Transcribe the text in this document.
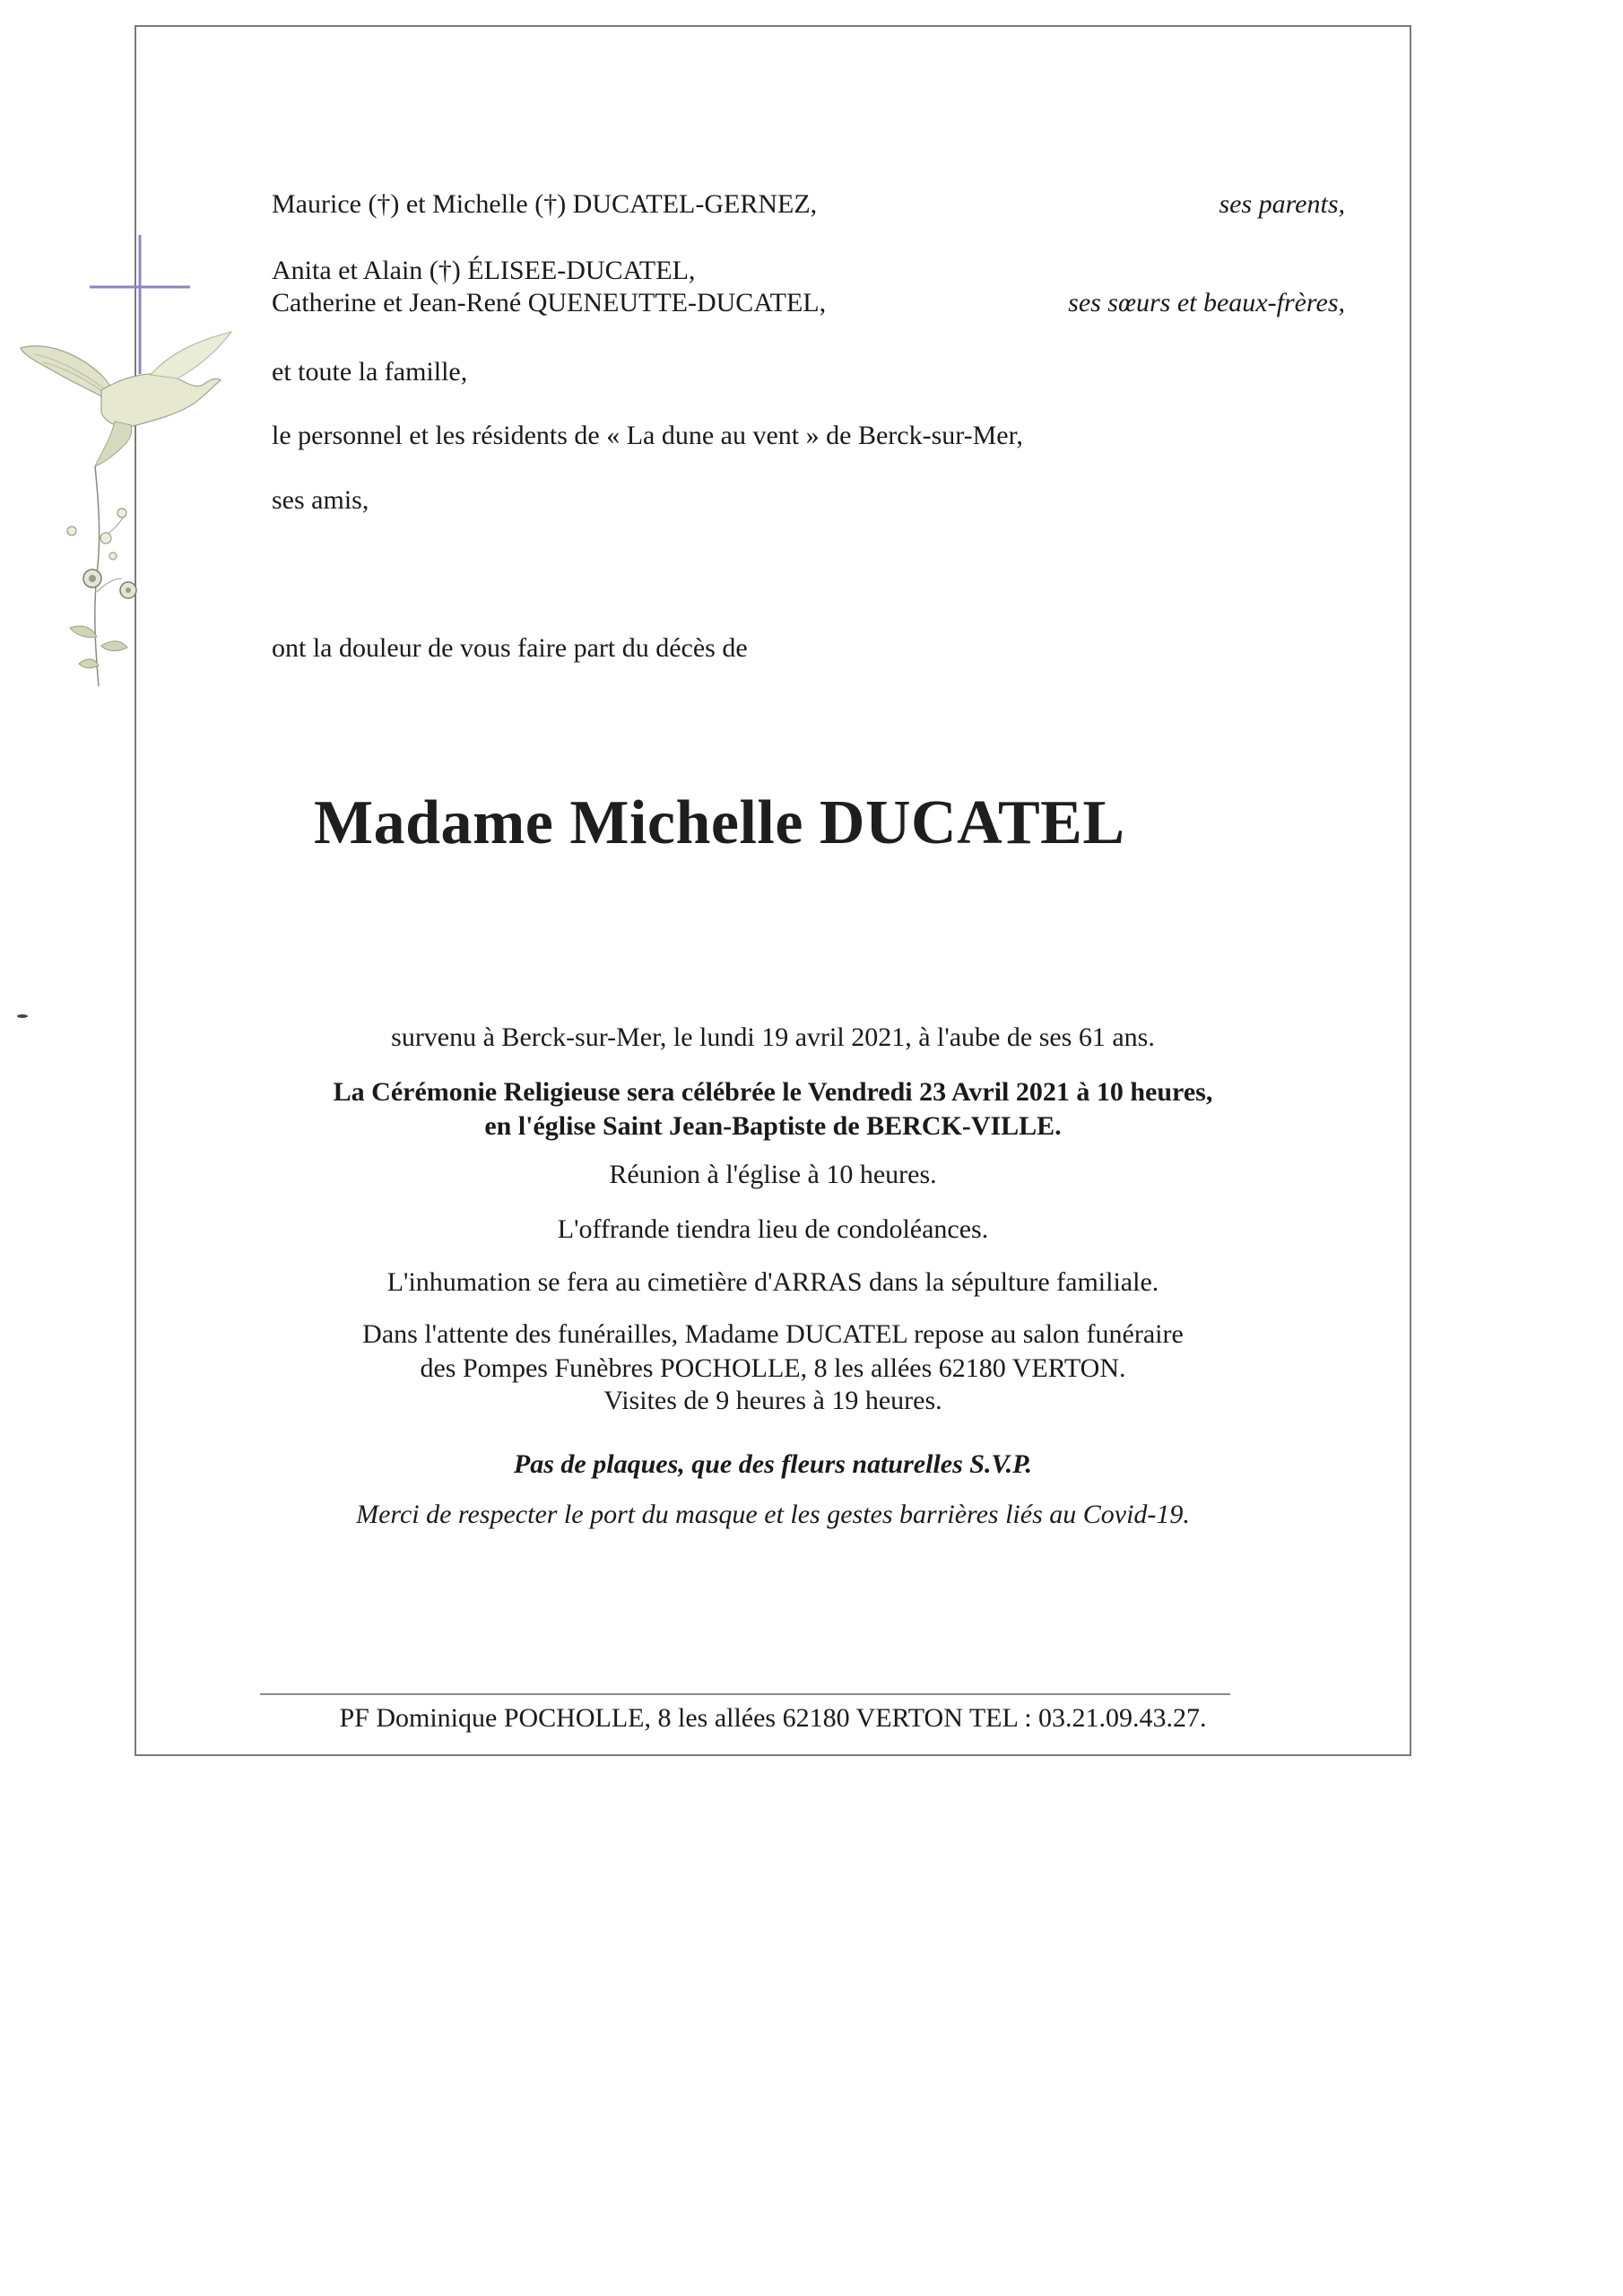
Maurice (†) et Michelle (†) DUCATEL-GERNEZ,	ses parents,
Anita et Alain (†) ÉLISEE-DUCATEL,
Catherine et Jean-René QUENEUTTE-DUCATEL,	ses sœurs et beaux-frères,
et toute la famille,
le personnel et les résidents de « La dune au vent » de Berck-sur-Mer,
ses amis,
ont la douleur de vous faire part du décès de
Madame Michelle DUCATEL
survenu à Berck-sur-Mer, le lundi 19 avril 2021, à l'aube de ses 61 ans.
La Cérémonie Religieuse sera célébrée le Vendredi 23 Avril 2021 à 10 heures,
en l'église Saint Jean-Baptiste de BERCK-VILLE.
Réunion à l'église à 10 heures.
L'offrande tiendra lieu de condoléances.
L'inhumation se fera au cimetière d'ARRAS dans la sépulture familiale.
Dans l'attente des funérailles, Madame DUCATEL repose au salon funéraire
des Pompes Funèbres POCHOLLE, 8 les allées 62180 VERTON.
Visites de 9 heures à 19 heures.
Pas de plaques, que des fleurs naturelles S.V.P.
Merci de respecter le port du masque et les gestes barrières liés au Covid-19.
PF Dominique POCHOLLE, 8 les allées 62180 VERTON TEL : 03.21.09.43.27.
